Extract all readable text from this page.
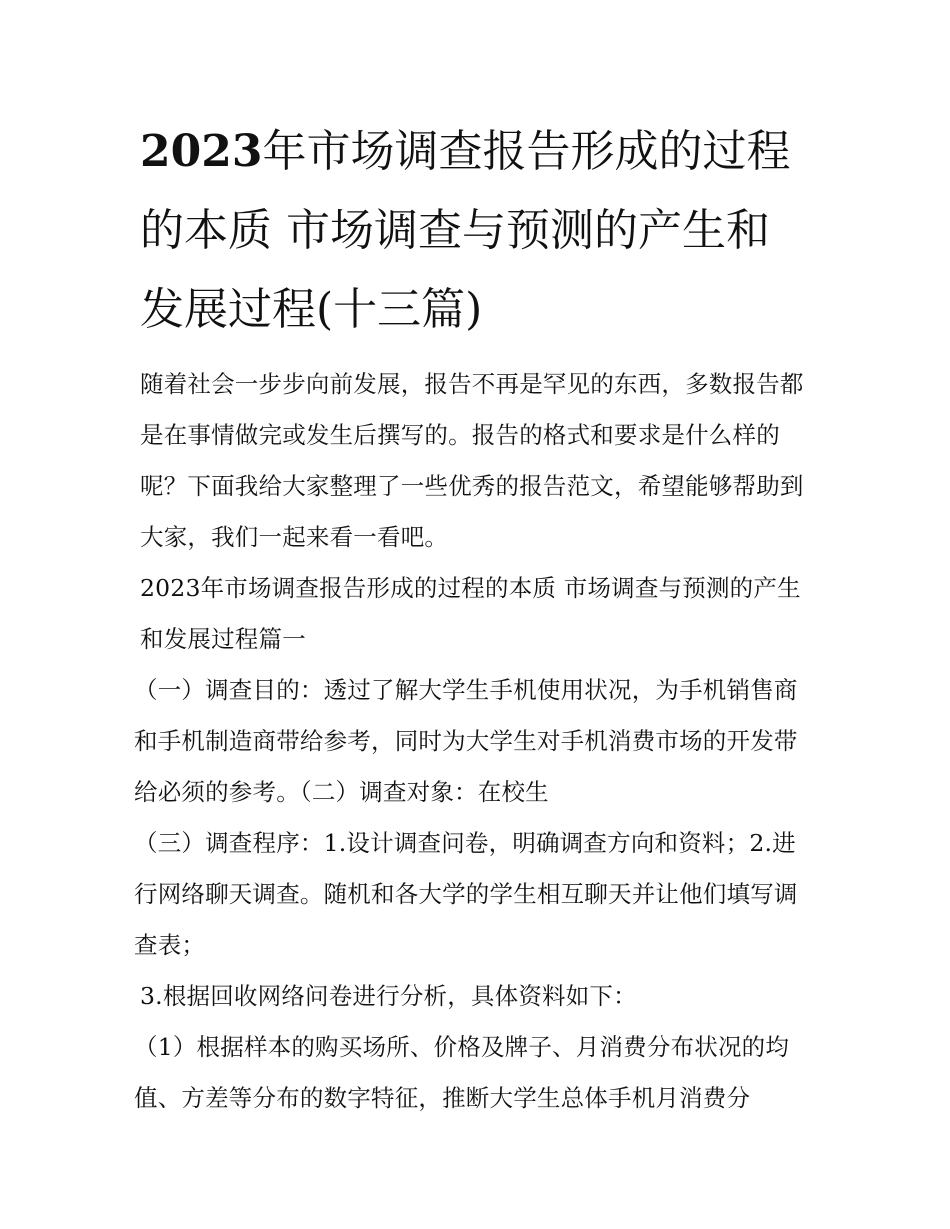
2023年市场调查报告形成的过程的本质 市场调查与预测的产生和发展过程(十三篇)

随着社会一步步向前发展，报告不再是罕见的东西，多数报告都是在事情做完或发生后撰写的。报告的格式和要求是什么样的呢？下面我给大家整理了一些优秀的报告范文，希望能够帮助到大家，我们一起来看一看吧。

2023年市场调查报告形成的过程的本质 市场调查与预测的产生和发展过程篇一

（一）调查目的：透过了解大学生手机使用状况，为手机销售商和手机制造商带给参考，同时为大学生对手机消费市场的开发带给必须的参考。（二）调查对象：在校生

（三）调查程序：1.设计调查问卷，明确调查方向和资料；2.进行网络聊天调查。随机和各大学的学生相互聊天并让他们填写调查表；

3.根据回收网络问卷进行分析，具体资料如下：

（1）根据样本的购买场所、价格及牌子、月消费分布状况的均值、方差等分布的数字特征，推断大学生总体手机月消费分
